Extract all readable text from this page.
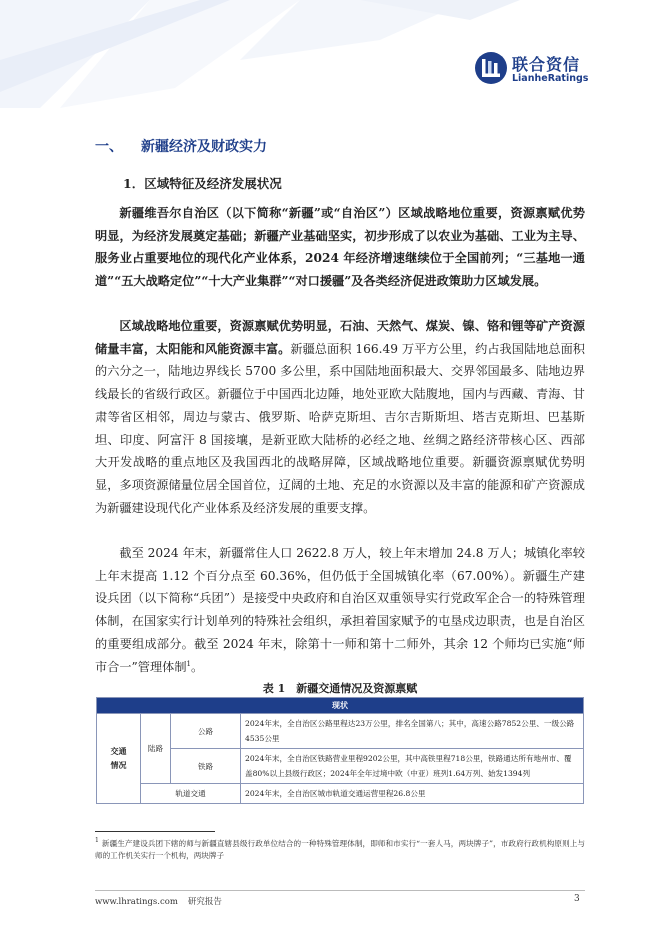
联合资信
LianheRatings
一、 新疆经济及财政实力
1．区域特征及经济发展状况

新疆维吾尔自治区（以下简称“新疆”或“自治区”）区域战略地位重要，资源禀赋优势明显，为经济发展奠定基础；新疆产业基础坚实，初步形成了以农业为基础、工业为主导、服务业占重要地位的现代化产业体系，2024 年经济增速继续位于全国前列；“三基地一通道”“五大战略定位”“十大产业集群”“对口援疆”及各类经济促进政策助力区域发展。

区域战略地位重要，资源禀赋优势明显，石油、天然气、煤炭、镍、铬和锂等矿产资源储量丰富，太阳能和风能资源丰富。新疆总面积 166.49 万平方公里，约占我国陆地总面积的六分之一，陆地边界线长 5700 多公里，系中国陆地面积最大、交界邻国最多、陆地边界线最长的省级行政区。新疆位于中国西北边陲，地处亚欧大陆腹地，国内与西藏、青海、甘肃等省区相邻，周边与蒙古、俄罗斯、哈萨克斯坦、吉尔吉斯斯坦、塔吉克斯坦、巴基斯坦、印度、阿富汗 8 国接壤，是新亚欧大陆桥的必经之地、丝绸之路经济带核心区、西部大开发战略的重点地区及我国西北的战略屏障，区域战略地位重要。新疆资源禀赋优势明显，多项资源储量位居全国首位，辽阔的土地、充足的水资源以及丰富的能源和矿产资源成为新疆建设现代化产业体系及经济发展的重要支撑。

截至 2024 年末，新疆常住人口 2622.8 万人，较上年末增加 24.8 万人；城镇化率较上年末提高 1.12 个百分点至 60.36%，但仍低于全国城镇化率（67.00%）。新疆生产建设兵团（以下简称“兵团”）是接受中央政府和自治区双重领导实行党政军企合一的特殊管理体制，在国家实行计划单列的特殊社会组织，承担着国家赋予的屯垦戍边职责，也是自治区的重要组成部分。截至 2024 年末，除第十一师和第十二师外，其余 12 个师均已实施“师市合一”管理体制$^1$。

表 1　新疆交通情况及资源禀赋
现状			

交通
情况	陆路	公路	2024年末，全自治区公路里程达23万公里，排名全国第八；其中，高速公路7852公里、一级公路4535公里
		铁路	2024年末，全自治区铁路营业里程9202公里，其中高铁里程718公里，铁路通达所有地州市、覆盖80%以上县级行政区；2024年全年过境中欧（中亚）班列1.64万列、始发1394列
	轨道交通		2024年末，全自治区城市轨道交通运营里程26.8公里

$^1$ 新疆生产建设兵团下辖的师与新疆直辖县级行政单位结合的一种特殊管理体制，即师和市实行“一套人马，两块牌子”，市政府行政机构原则上与师的工作机关实行一个机构，两块牌子

www.lhratings.com 研究报告	3
